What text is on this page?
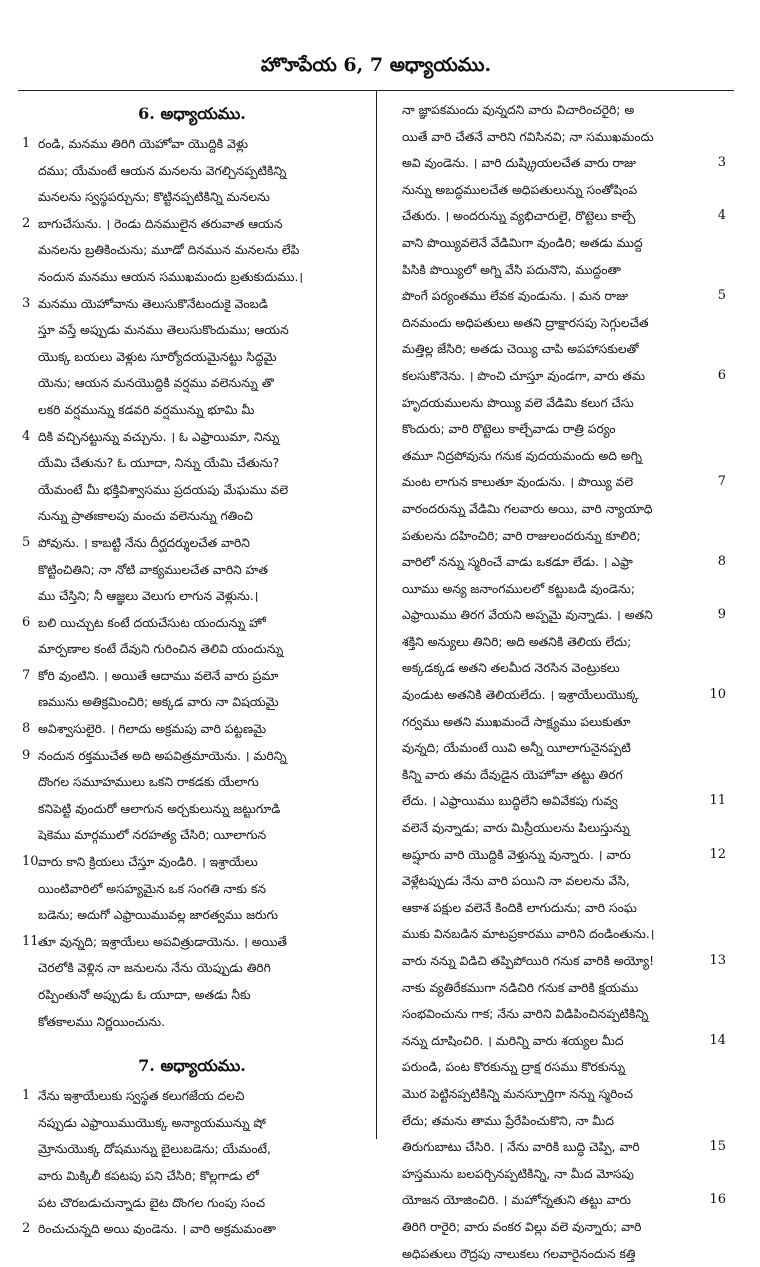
హొూపేయ 6, 7 అధ్యాయము.
6. అధ్యాయము.
1 రండి, మనము తిరిగి యెహోవా యొద్దికి వెళ్లు
దము; యేమంటే ఆయన మనలను వెగల్చినప్పటికిన్ని
మనలను స్వస్థపర్చును; కొట్టినప్పటికిన్ని మనలను
2 బాగుచేసును. । రెండు దినములైన తరువాత ఆయన
మనలను బ్రతికించును; మూడో దినమున మనలను లేపి
నందున మనము ఆయన సముఖమందు బ్రతుకుదుము.।
3 మనము యెహోవాను తెలుసుకొనేటందుకై వెంబడి
స్తూ వస్తే అప్పుడు మనము తెలుసుకొందుము; ఆయన
యొక్క బయలు వెళ్లుట సూర్యోదయమైనట్టు సిద్ధమై
యెను; ఆయన మనయొద్దికి వర్షము వలెనున్ను తొ
లకరి వర్షమున్ను కడవరి వర్షమున్ను భూమి మీ
4 దికి వచ్చినట్టున్ను వచ్చును. । ఓ ఎఫ్రాయిమా, నిన్ను
యేమి చేతును? ఓ యూదా, నిన్ను యేమి చేతును?
యేమంటే మీ భక్తివిశ్వాసము ప్రదయపు మేఘము వలె
నున్ను ప్రాతఃకాలపు మంచు వలెనున్ను గతించి
5 పోవును. । కాబట్టి నేను దీర్ఘదర్శులచేత వారిని
కొట్టించితిని; నా నోటి వాక్యములచేత వారిని హత
ము చేస్తిని; నీ ఆజ్ఞలు వెలుగు లాగున వెళ్లును.।
6 బలి యిచ్చుట కంటే దయచేసుట యందున్ను హో
మార్పణాల కంటే దేవుని గురించిన తెలివి యందున్ను
7 కోరి వుంటిని. । అయితే ఆదాము వలెనే వారు ప్రమా
ణమును అతిక్రమించిరి; అక్కడ వారు నా విషయమై
8 అవిశ్వాసులైరి. । గిలాదు అక్రమపు వారి పట్టణమై
9 నందున రక్తముచేత అది అపవిత్రమాయెను. । మరిన్ని
దొంగల సమూహములు ఒకని రాకడకు యేలాగు
కనిపెట్టి వుందురో ఆలాగున అర్చకులున్ను జట్టుగూడి
షెకెము మార్గములో నరహత్య చేసిరి; యీలాగున
10 వారు కాని క్రియలు చేస్తూ వుండిరి. । ఇశ్రాయేలు
యింటివారిలో అసహ్యమైన ఒక సంగతి నాకు కన
బడెను; అదుగో ఎఫ్రాయిమువల్ల జారత్వము జరుగు
11 తూ వున్నది; ఇశ్రాయేలు అపవిత్రుడాయెను. । అయితే
చెరలోకి వెళ్లిన నా జనులను నేను యెప్పుడు తిరిగి
రప్పింతునో అప్పుడు ఓ యూదా, అతడు నీకు
కోతకాలము నిర్ణయించును.
7. అధ్యాయము.
1 నేను ఇశ్రాయేలుకు స్వస్థత కలుగజేయ దలచి
నప్పుడు ఎఫ్రాయిముయొక్క అన్యాయమున్ను షో
మ్రోనుయొక్క దోషమున్ను బైలుబడెను; యేమంటే,
వారు మిక్కిలీ కపటపు పని చేసిరి; కొల్లగాడు లో
పట చొరబడుచున్నాడు బైట దొంగల గుంపు సంచ
2 రించుచున్నది అయి వుండెను. । వారి అక్రమమంతా
నా జ్ఞాపకమందు వున్నదని వారు విచారించరైరి; అ
యితే వారి చేతనే వారిని గవిసినవి; నా సముఖమందు
అవి వుండెను. । వారి దుష్క్రియలచేత వారు రాజు	3
నున్ను అబద్ధములచేత అధిపతులున్ను సంతోషింప
చేతురు. । అందరున్ను వ్యభిచారులై, రొట్టెలు కాల్చే	4
వాని పొయ్యివలెనే వేడిమిగా వుండిరి; అతడు ముద్ద
పిసికి పొయ్యిలో అగ్ని వేసి పదునొని, ముద్దంతా
పొంగే పర్యంతము లేవక వుండును. । మన రాజు	5
దినమందు అధిపతులు అతని ద్రాక్షారసపు సెగ్గులచేత
మత్తిల్ల జేసిరి; అతడు చెయ్యి చాపి అపహాసకులతో
కలసుకొనెను. । పొంచి చూస్తూ వుండగా, వారు తమ	6
హృదయములను పొయ్యి వలె వేడిమి కలుగ చేసు
కొందురు; వారి రొట్టెలు కాల్చేవాడు రాత్రి పర్యం
తమూ నిద్రపోవును గనుక వుదయమందు అది అగ్ని
మంట లాగున కాలుతూ వుండును. । పొయ్యి వలె	7
వారందరున్ను వేడిమి గలవారు అయి, వారి న్యాయాధి
పతులను దహించిరి; వారి రాజులందరున్ను కూలిరి;
వారిలో నన్ను స్మరించే వాడు ఒకడూ లేడు. । ఎఫ్రా	8
యీము అన్య జనాంగములలో కట్టుబడి వుండెను;
ఎఫ్రాయిము తిరగ వేయని అప్పమై వున్నాడు. । అతని	9
శక్తిని అన్యులు తినిరి; అది అతనికి తెలియ లేదు;
అక్కడక్కడ అతని తలమీద నెరసిన వెంట్రుకలు
వుండుట అతనికి తెలియలేదు. । ఇశ్రాయేలుయొక్క	10
గర్వము అతని ముఖమందే సాక్ష్యము పలుకుతూ
వున్నది; యేమంటే యివి అన్నీ యీలాగునైనప్పటి
కిన్ని వారు తమ దేవుడైన యెహోవా తట్టు తిరగ
లేదు. । ఎఫ్రాయిము బుద్ధిలేని అవివేకపు గువ్వ	11
వలెనే వున్నాడు; వారు మిస్రీయులను పిలుస్తున్ను
అష్షూరు వారి యొద్దికి వెళ్తున్ను వున్నారు. । వారు	12
వెళ్లేటప్పుడు నేను వారి పయిని నా వలలను వేసి,
ఆకాశ పక్షుల వలెనే కిందికి లాగుదును; వారి సంఘ
ముకు వినబడిన మాటప్రకారము వారిని దండింతును.।
వారు నన్ను విడిచి తప్పిపోయిరి గనుక వారికి అయ్యో!	13
నాకు వ్యతిరేకముగా నడిచిరి గనుక వారికి క్షయము
సంభవించును గాక; నేను వారిని విడిపించినప్పటికిన్ని
నన్ను దూషించిరి. । మరిన్ని వారు శయ్యల మీద	14
పరుండి, పంట కొరకున్ను ద్రాక్ష రసము కొరకున్ను
మొర పెట్టినప్పటికిన్ని మనస్పూర్తిగా నన్ను స్మరించ
లేదు; తమను తాము ప్రేరేపించుకొని, నా మీద
తిరుగుబాటు చేసిరి. । నేను వారికి బుద్ధి చెప్పి, వారి	15
హస్తమును బలపర్చినప్పటికిన్ని, నా మీద మోసపు
యోజన యోజించిరి. । మహోన్నతుని తట్టు వారు	16
తిరిగి రారైరి; వారు వంకర విల్లు వలె వున్నారు; వారి
అధిపతులు రౌద్రపు నాలుకలు గలవారైనందున కత్తి
